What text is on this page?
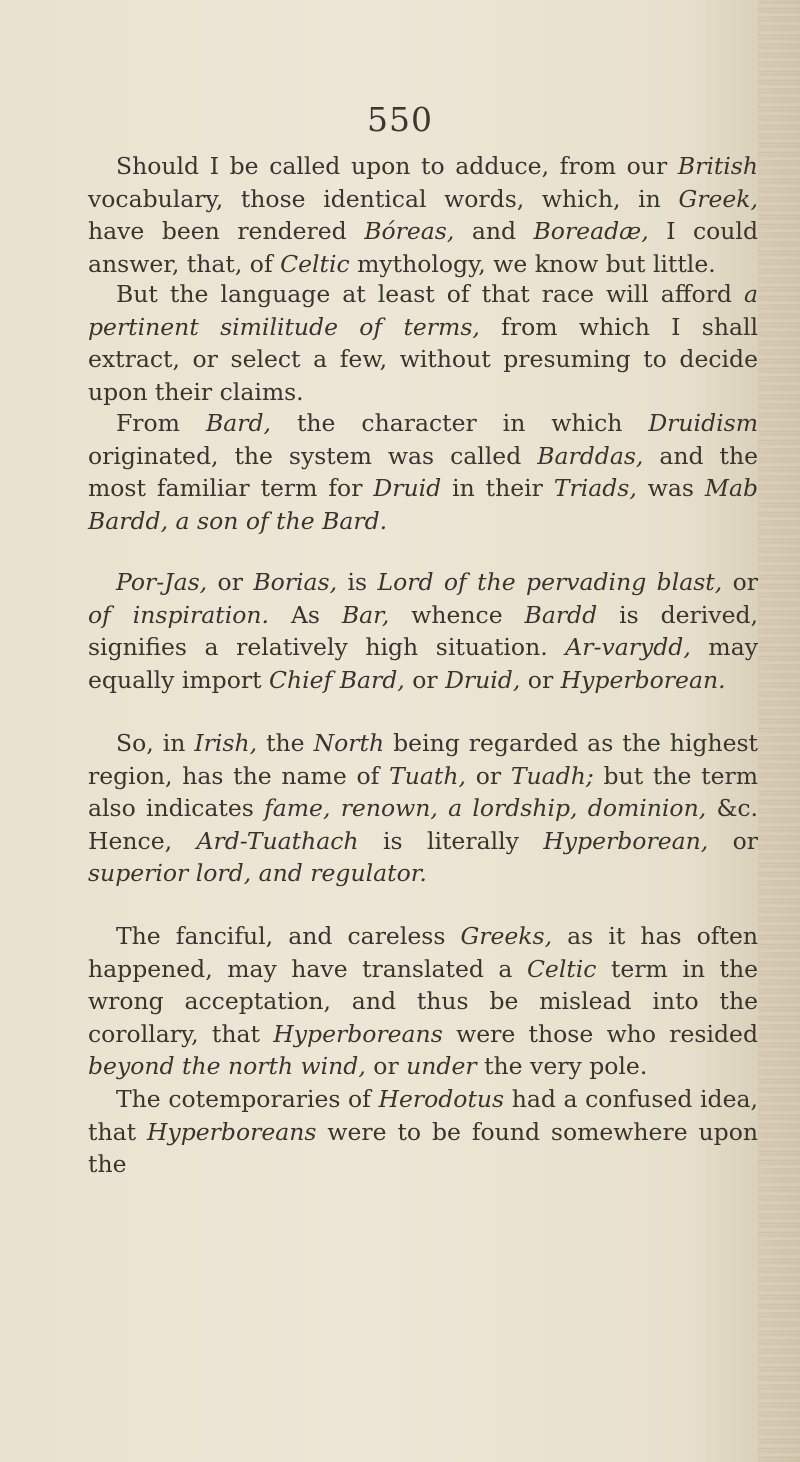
550

Should I be called upon to adduce, from our British vocabulary, those identical words, which, in Greek, have been rendered Bóreas, and Boreadæ, I could answer, that, of Celtic mythology, we know but little.

But the language at least of that race will afford a pertinent similitude of terms, from which I shall extract, or select a few, without presuming to decide upon their claims.

From Bard, the character in which Druidism originated, the system was called Barddas, and the most familiar term for Druid in their Triads, was Mab Bardd, a son of the Bard.

Por-Jas, or Borias, is Lord of the pervading blast, or of inspiration. As Bar, whence Bardd is derived, signifies a relatively high situation. Ar-varydd, may equally import Chief Bard, or Druid, or Hyperborean.

So, in Irish, the North being regarded as the highest region, has the name of Tuath, or Tuadh; but the term also indicates fame, renown, a lordship, dominion, &c. Hence, Ard-Tuathach is literally Hyperborean, or superior lord, and regulator.

The fanciful, and careless Greeks, as it has often happened, may have translated a Celtic term in the wrong acceptation, and thus be mislead into the corollary, that Hyperboreans were those who resided beyond the north wind, or under the very pole.

The cotemporaries of Herodotus had a confused idea, that Hyperboreans were to be found somewhere upon the
